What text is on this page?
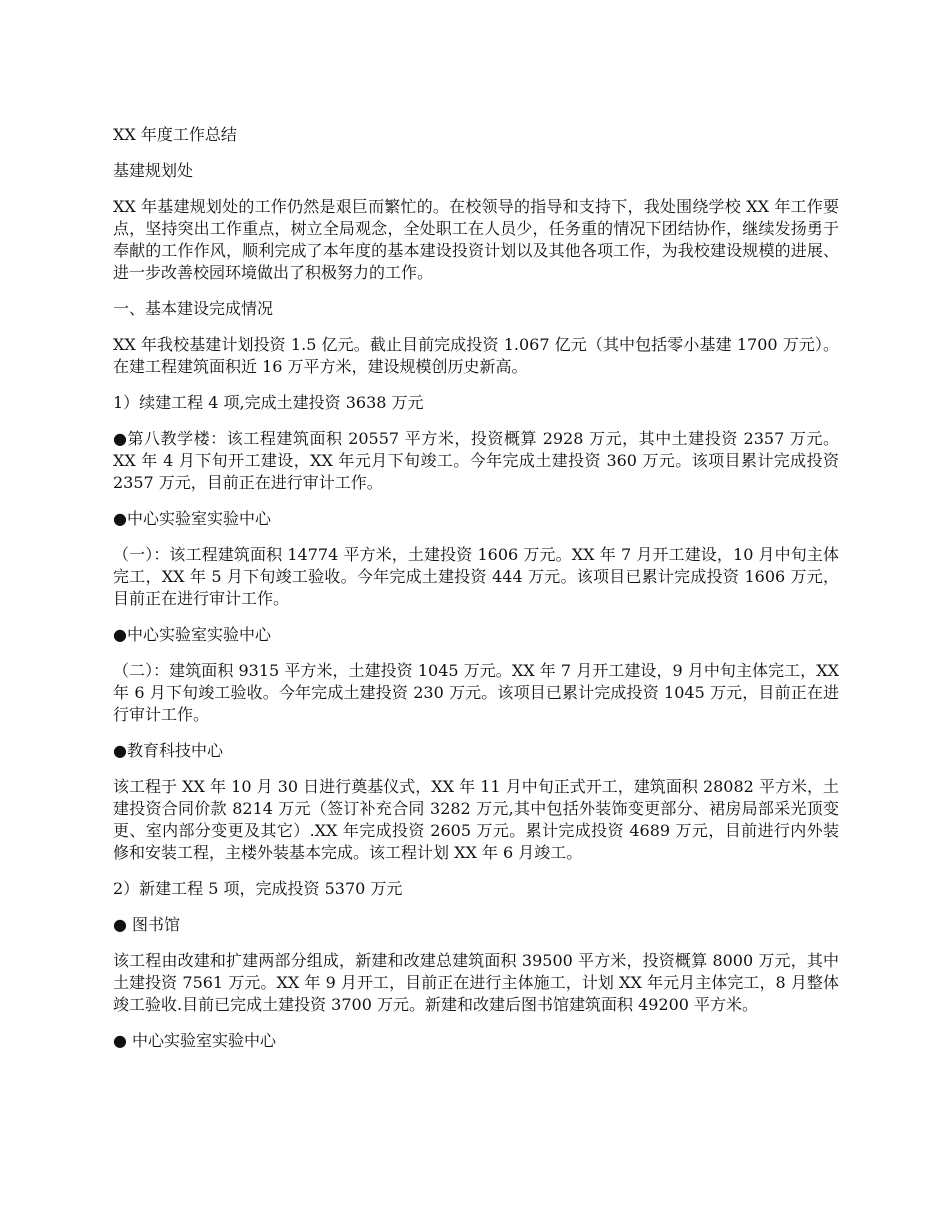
XX 年度工作总结

基建规划处

XX 年基建规划处的工作仍然是艰巨而繁忙的。在校领导的指导和支持下，我处围绕学校 XX 年工作要点，坚持突出工作重点，树立全局观念，全处职工在人员少，任务重的情况下团结协作，继续发扬勇于奉献的工作作风，顺利完成了本年度的基本建设投资计划以及其他各项工作，为我校建设规模的进展、进一步改善校园环境做出了积极努力的工作。

一、基本建设完成情况

XX 年我校基建计划投资 1.5 亿元。截止目前完成投资 1.067 亿元（其中包括零小基建 1700 万元）。在建工程建筑面积近 16 万平方米，建设规模创历史新高。

1）续建工程 4 项,完成土建投资 3638 万元

●第八教学楼：该工程建筑面积 20557 平方米，投资概算 2928 万元，其中土建投资 2357 万元。XX 年 4 月下旬开工建设，XX 年元月下旬竣工。今年完成土建投资 360 万元。该项目累计完成投资 2357 万元，目前正在进行审计工作。

●中心实验室实验中心

（一）：该工程建筑面积 14774 平方米，土建投资 1606 万元。XX 年 7 月开工建设，10 月中旬主体完工，XX 年 5 月下旬竣工验收。今年完成土建投资 444 万元。该项目已累计完成投资 1606 万元，目前正在进行审计工作。

●中心实验室实验中心

（二）：建筑面积 9315 平方米，土建投资 1045 万元。XX 年 7 月开工建设，9 月中旬主体完工，XX 年 6 月下旬竣工验收。今年完成土建投资 230 万元。该项目已累计完成投资 1045 万元，目前正在进行审计工作。

●教育科技中心

该工程于 XX 年 10 月 30 日进行奠基仪式，XX 年 11 月中旬正式开工，建筑面积 28082 平方米，土建投资合同价款 8214 万元（签订补充合同 3282 万元,其中包括外装饰变更部分、裙房局部采光顶变更、室内部分变更及其它）.XX 年完成投资 2605 万元。累计完成投资 4689 万元，目前进行内外装修和安装工程，主楼外装基本完成。该工程计划 XX 年 6 月竣工。

2）新建工程 5 项，完成投资 5370 万元

● 图书馆

该工程由改建和扩建两部分组成，新建和改建总建筑面积 39500 平方米，投资概算 8000 万元，其中土建投资 7561 万元。XX 年 9 月开工，目前正在进行主体施工，计划 XX 年元月主体完工，8 月整体竣工验收.目前已完成土建投资 3700 万元。新建和改建后图书馆建筑面积 49200 平方米。

● 中心实验室实验中心
